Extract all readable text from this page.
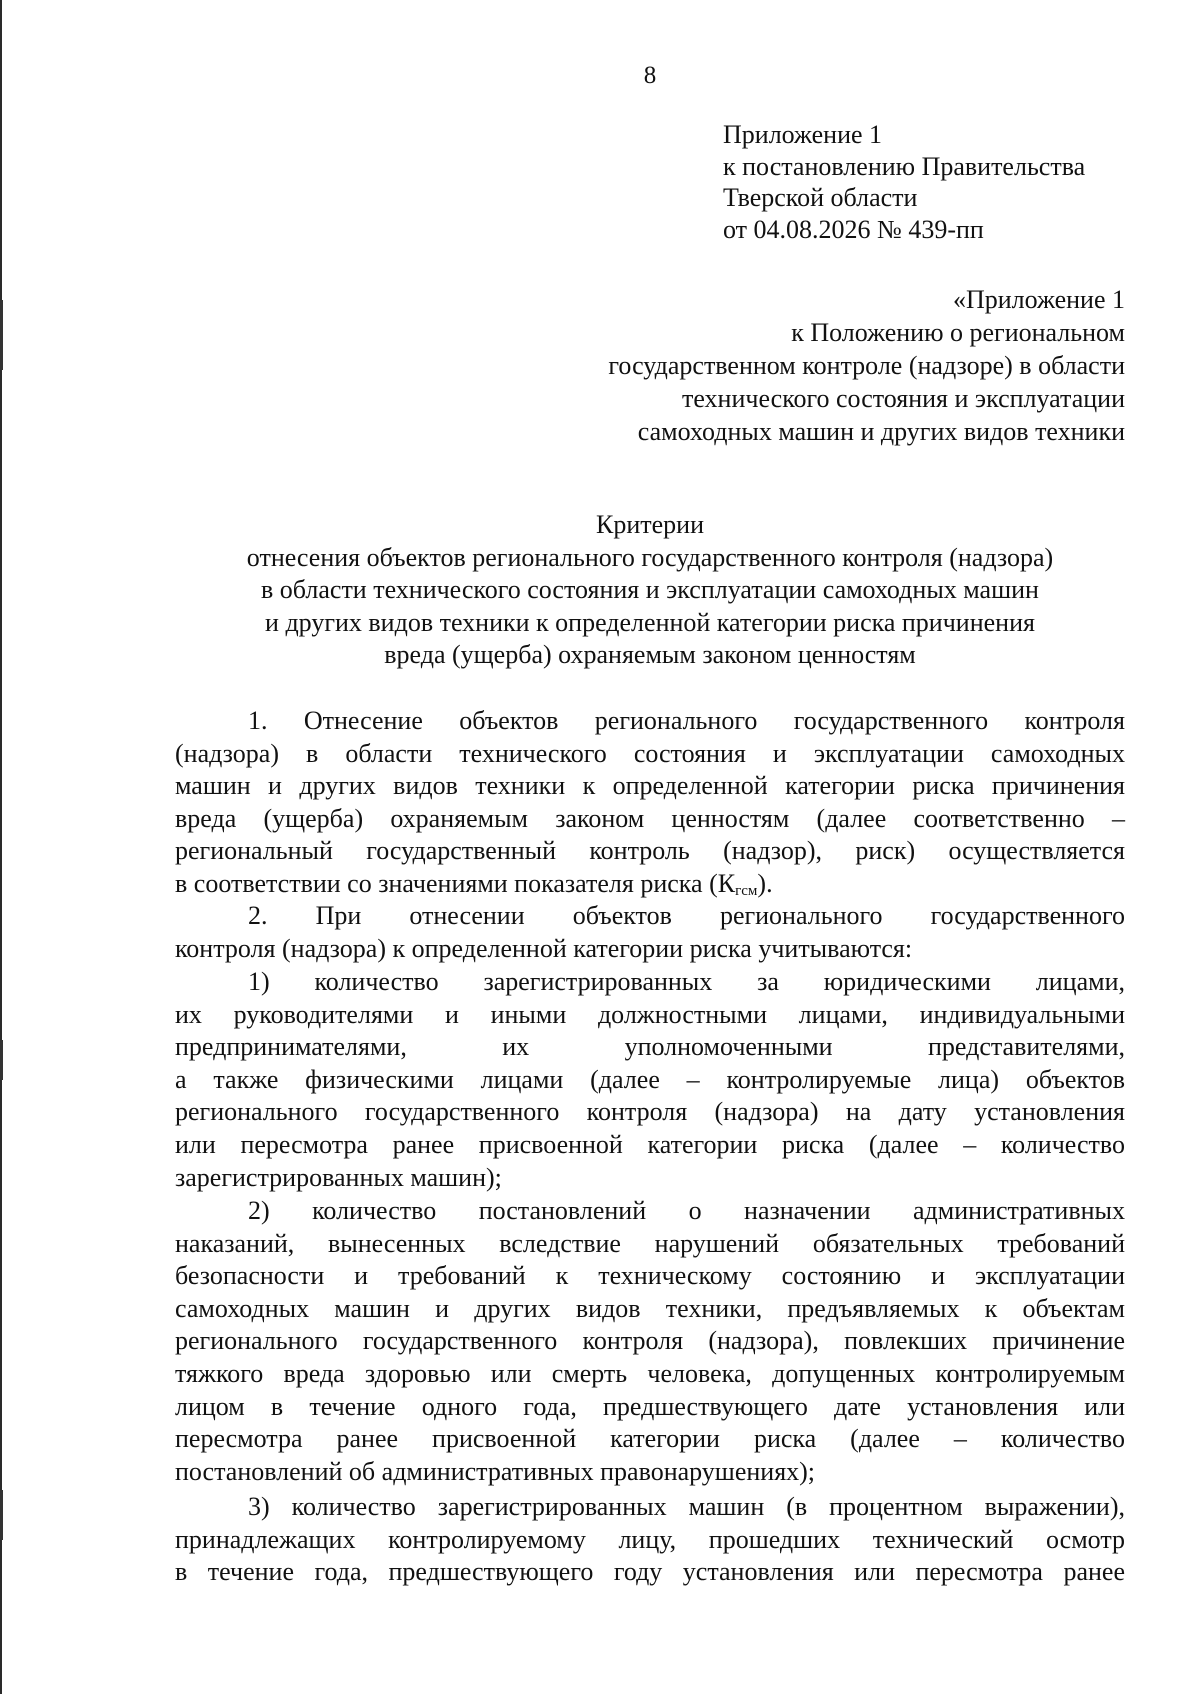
8
Приложение 1
к постановлению Правительства
Тверской области
от 04.08.2026 № 439-пп
«Приложение 1
к Положению о региональном
государственном контроле (надзоре) в области
технического состояния и эксплуатации
самоходных машин и других видов техники
Критерии
отнесения объектов регионального государственного контроля (надзора)
в области технического состояния и эксплуатации самоходных машин
и других видов техники к определенной категории риска причинения
вреда (ущерба) охраняемым законом ценностям
1. Отнесение объектов регионального государственного контроля
(надзора) в области технического состояния и эксплуатации самоходных
машин и других видов техники к определенной категории риска причинения
вреда (ущерба) охраняемым законом ценностям (далее соответственно –
региональный государственный контроль (надзор), риск) осуществляется
в соответствии со значениями показателя риска $(К_{гсм})$.
2. При отнесении объектов регионального государственного
контроля (надзора) к определенной категории риска учитываются:
1) количество зарегистрированных за юридическими лицами,
их руководителями и иными должностными лицами, индивидуальными
предпринимателями, их уполномоченными представителями,
а также физическими лицами (далее – контролируемые лица) объектов
регионального государственного контроля (надзора) на дату установления
или пересмотра ранее присвоенной категории риска (далее – количество
зарегистрированных машин);
2) количество постановлений о назначении административных
наказаний, вынесенных вследствие нарушений обязательных требований
безопасности и требований к техническому состоянию и эксплуатации
самоходных машин и других видов техники, предъявляемых к объектам
регионального государственного контроля (надзора), повлекших причинение
тяжкого вреда здоровью или смерть человека, допущенных контролируемым
лицом в течение одного года, предшествующего дате установления или
пересмотра ранее присвоенной категории риска (далее – количество
постановлений об административных правонарушениях);
3) количество зарегистрированных машин (в процентном выражении),
принадлежащих контролируемому лицу, прошедших технический осмотр
в течение года, предшествующего году установления или пересмотра ранее
